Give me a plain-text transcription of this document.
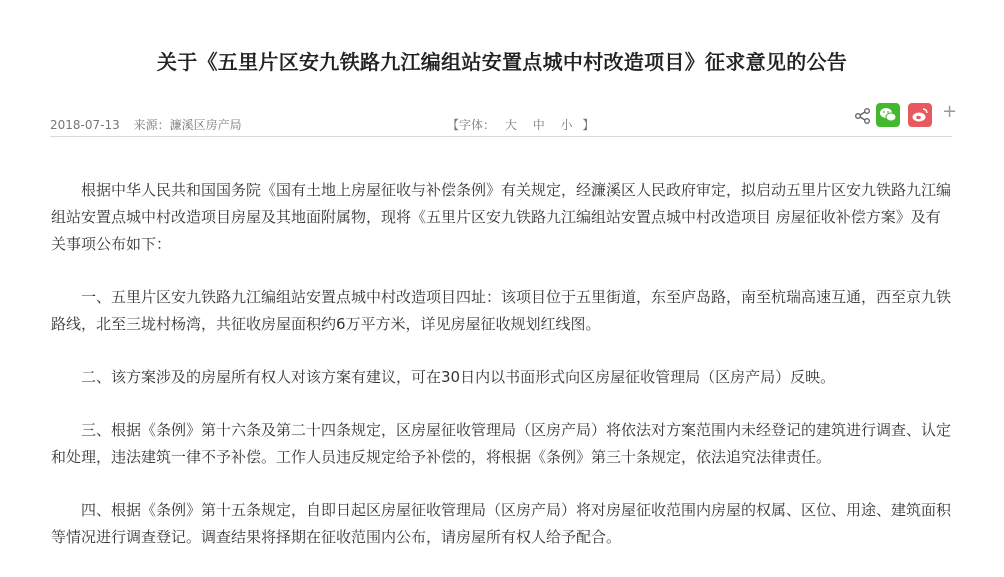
关于《五里片区安九铁路九江编组站安置点城中村改造项目》征求意见的公告
2018-07-13 来源：濂溪区房产局	【字体： 大 中 小 】
+

根据中华人民共和国国务院《国有土地上房屋征收与补偿条例》有关规定，经濂溪区人民政府审定，拟启动五里片区安九铁路九江编组站安置点城中村改造项目房屋及其地面附属物，现将《五里片区安九铁路九江编组站安置点城中村改造项目 房屋征收补偿方案》及有关事项公布如下：

一、五里片区安九铁路九江编组站安置点城中村改造项目四址：该项目位于五里街道，东至庐岛路，南至杭瑞高速互通，西至京九铁路线，北至三垅村杨湾，共征收房屋面积约6万平方米，详见房屋征收规划红线图。

二、该方案涉及的房屋所有权人对该方案有建议，可在30日内以书面形式向区房屋征收管理局（区房产局）反映。

三、根据《条例》第十六条及第二十四条规定，区房屋征收管理局（区房产局）将依法对方案范围内未经登记的建筑进行调查、认定和处理，违法建筑一律不予补偿。工作人员违反规定给予补偿的，将根据《条例》第三十条规定，依法追究法律责任。

四、根据《条例》第十五条规定，自即日起区房屋征收管理局（区房产局）将对房屋征收范围内房屋的权属、区位、用途、建筑面积等情况进行调查登记。调查结果将择期在征收范围内公布，请房屋所有权人给予配合。
